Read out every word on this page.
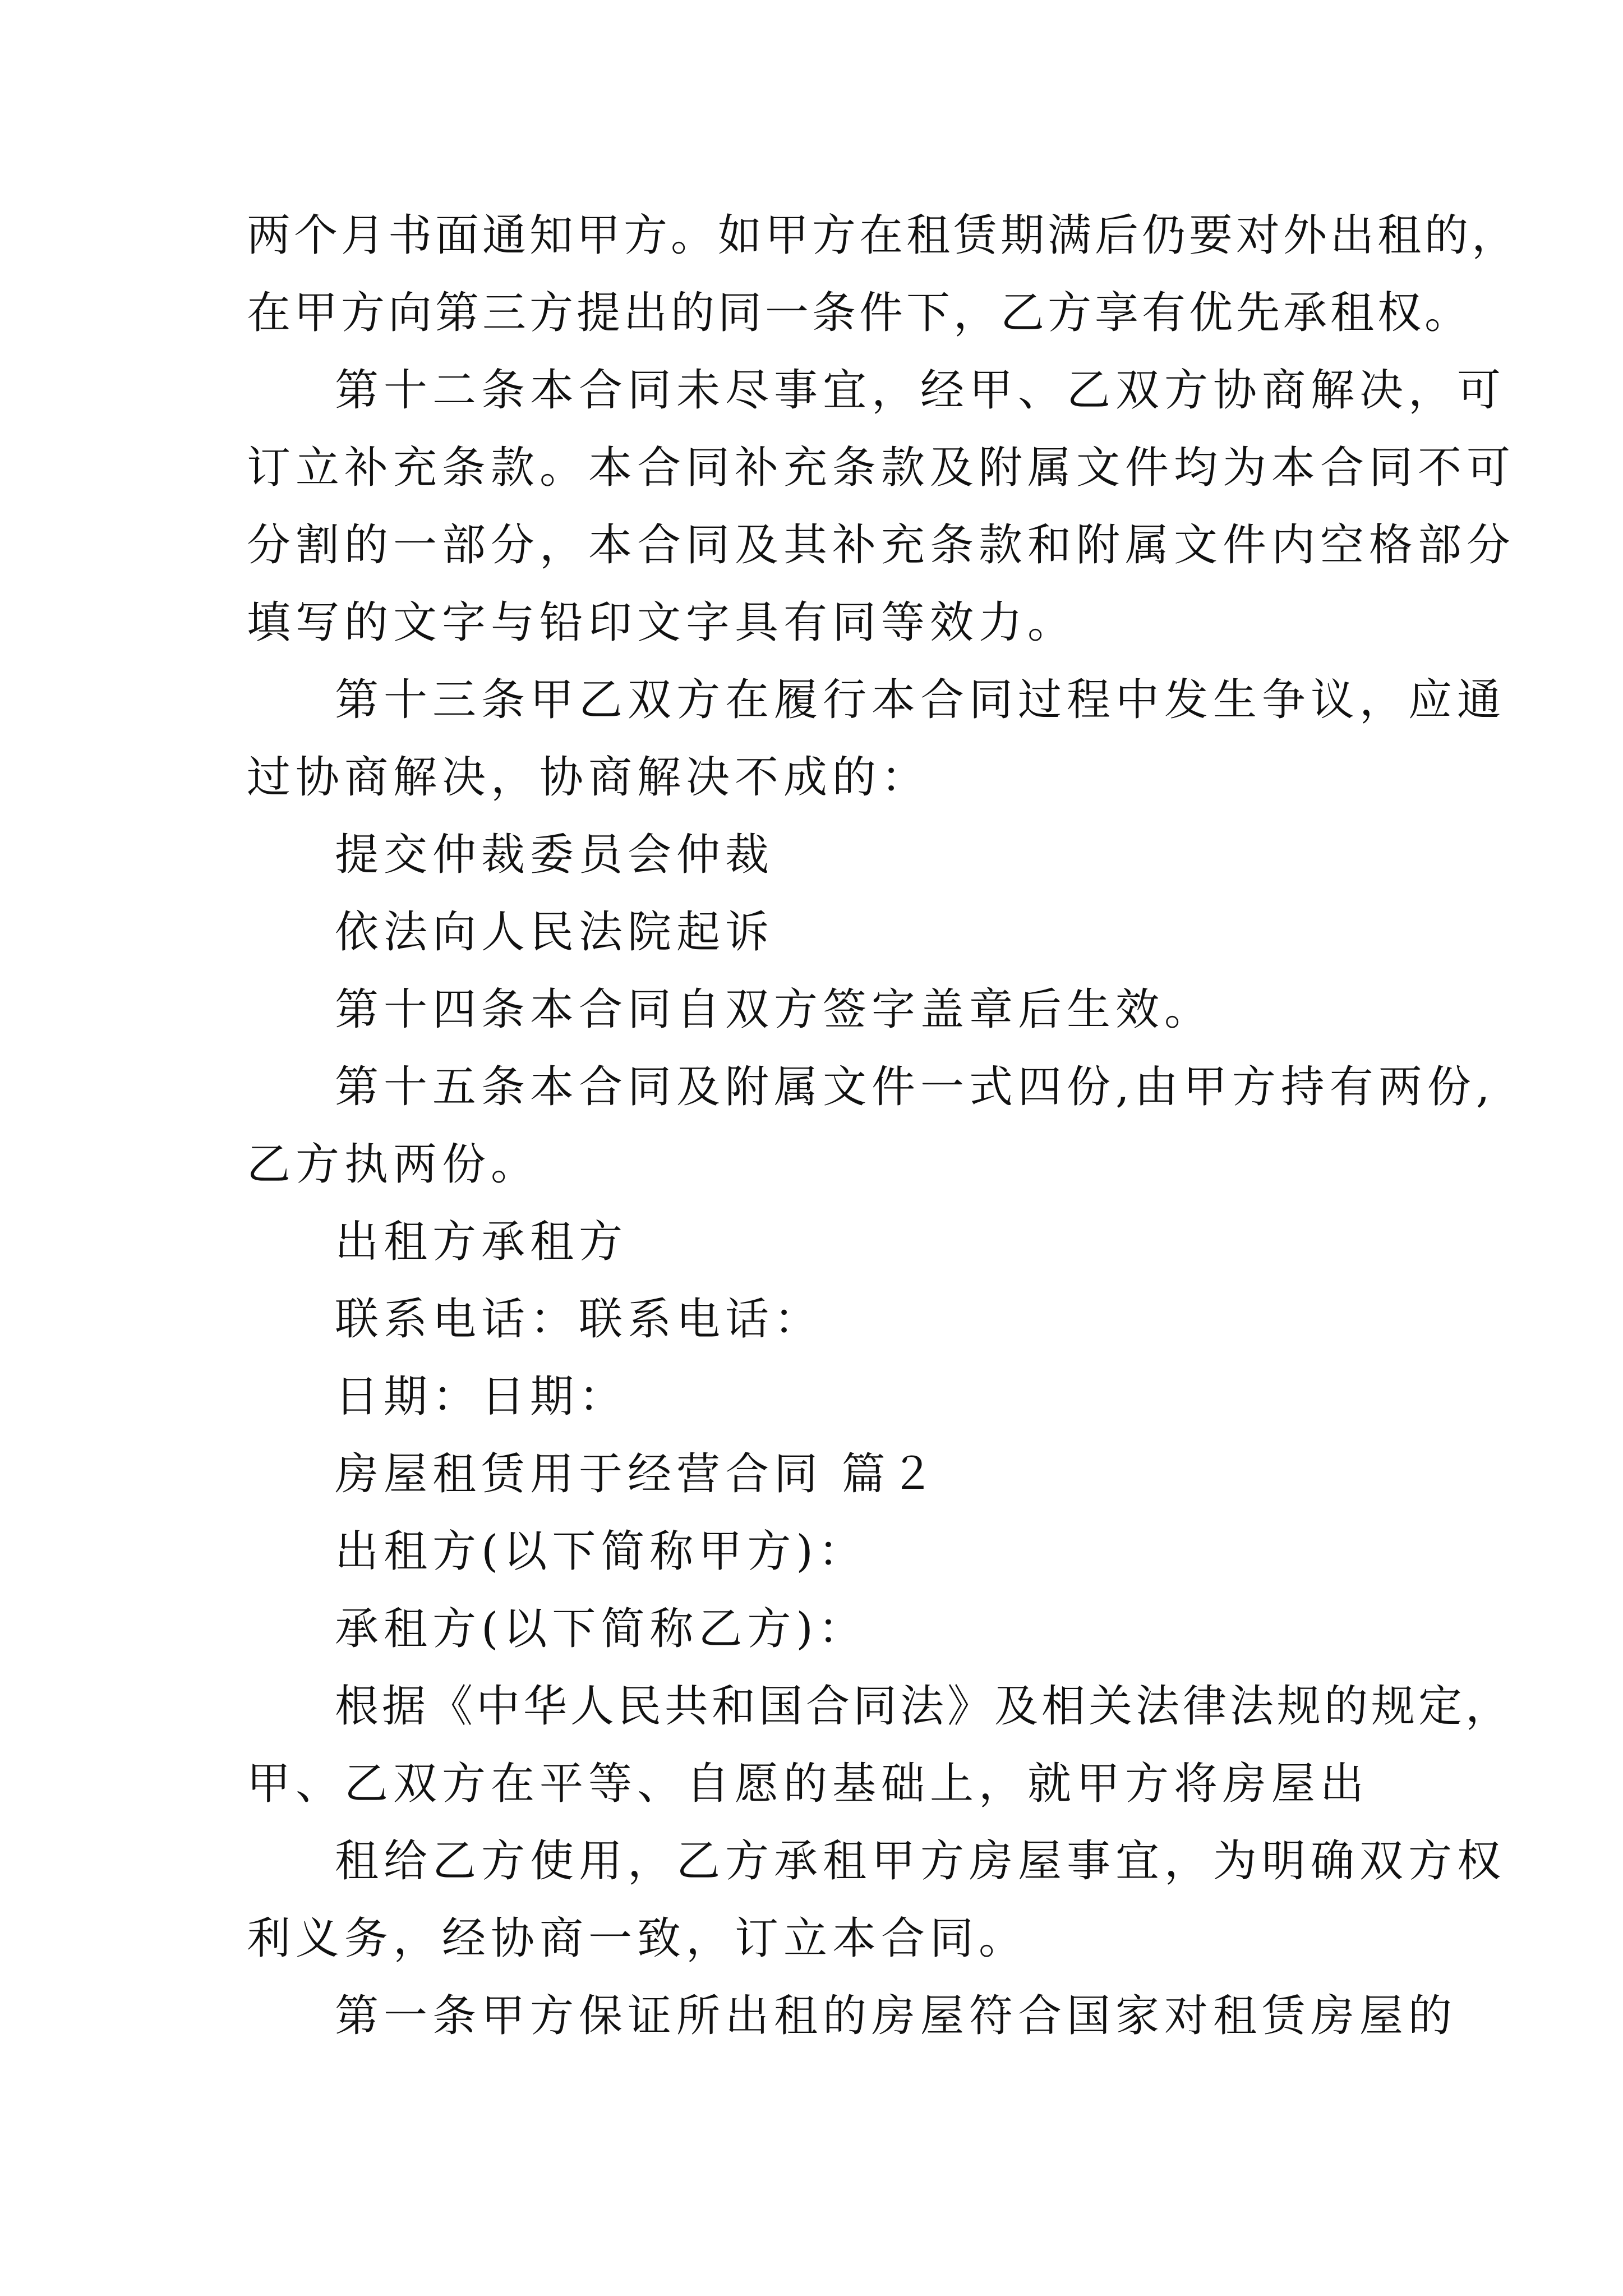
两个月书面通知甲方。如甲方在租赁期满后仍要对外出租的，
在甲方向第三方提出的同一条件下，乙方享有优先承租权。
第十二条本合同未尽事宜，经甲、乙双方协商解决，可
订立补充条款。本合同补充条款及附属文件均为本合同不可
分割的一部分，本合同及其补充条款和附属文件内空格部分
填写的文字与铅印文字具有同等效力。
第十三条甲乙双方在履行本合同过程中发生争议，应通
过协商解决，协商解决不成的：
提交仲裁委员会仲裁
依法向人民法院起诉
第十四条本合同自双方签字盖章后生效。
第十五条本合同及附属文件一式四份,由甲方持有两份,
乙方执两份。
出租方承租方
联系电话：联系电话：
日期：日期：
房屋租赁用于经营合同 篇２
出租方(以下简称甲方)：
承租方(以下简称乙方)：
根据《中华人民共和国合同法》及相关法律法规的规定，
甲、乙双方在平等、自愿的基础上，就甲方将房屋出
租给乙方使用，乙方承租甲方房屋事宜，为明确双方权
利义务，经协商一致，订立本合同。
第一条甲方保证所出租的房屋符合国家对租赁房屋的
